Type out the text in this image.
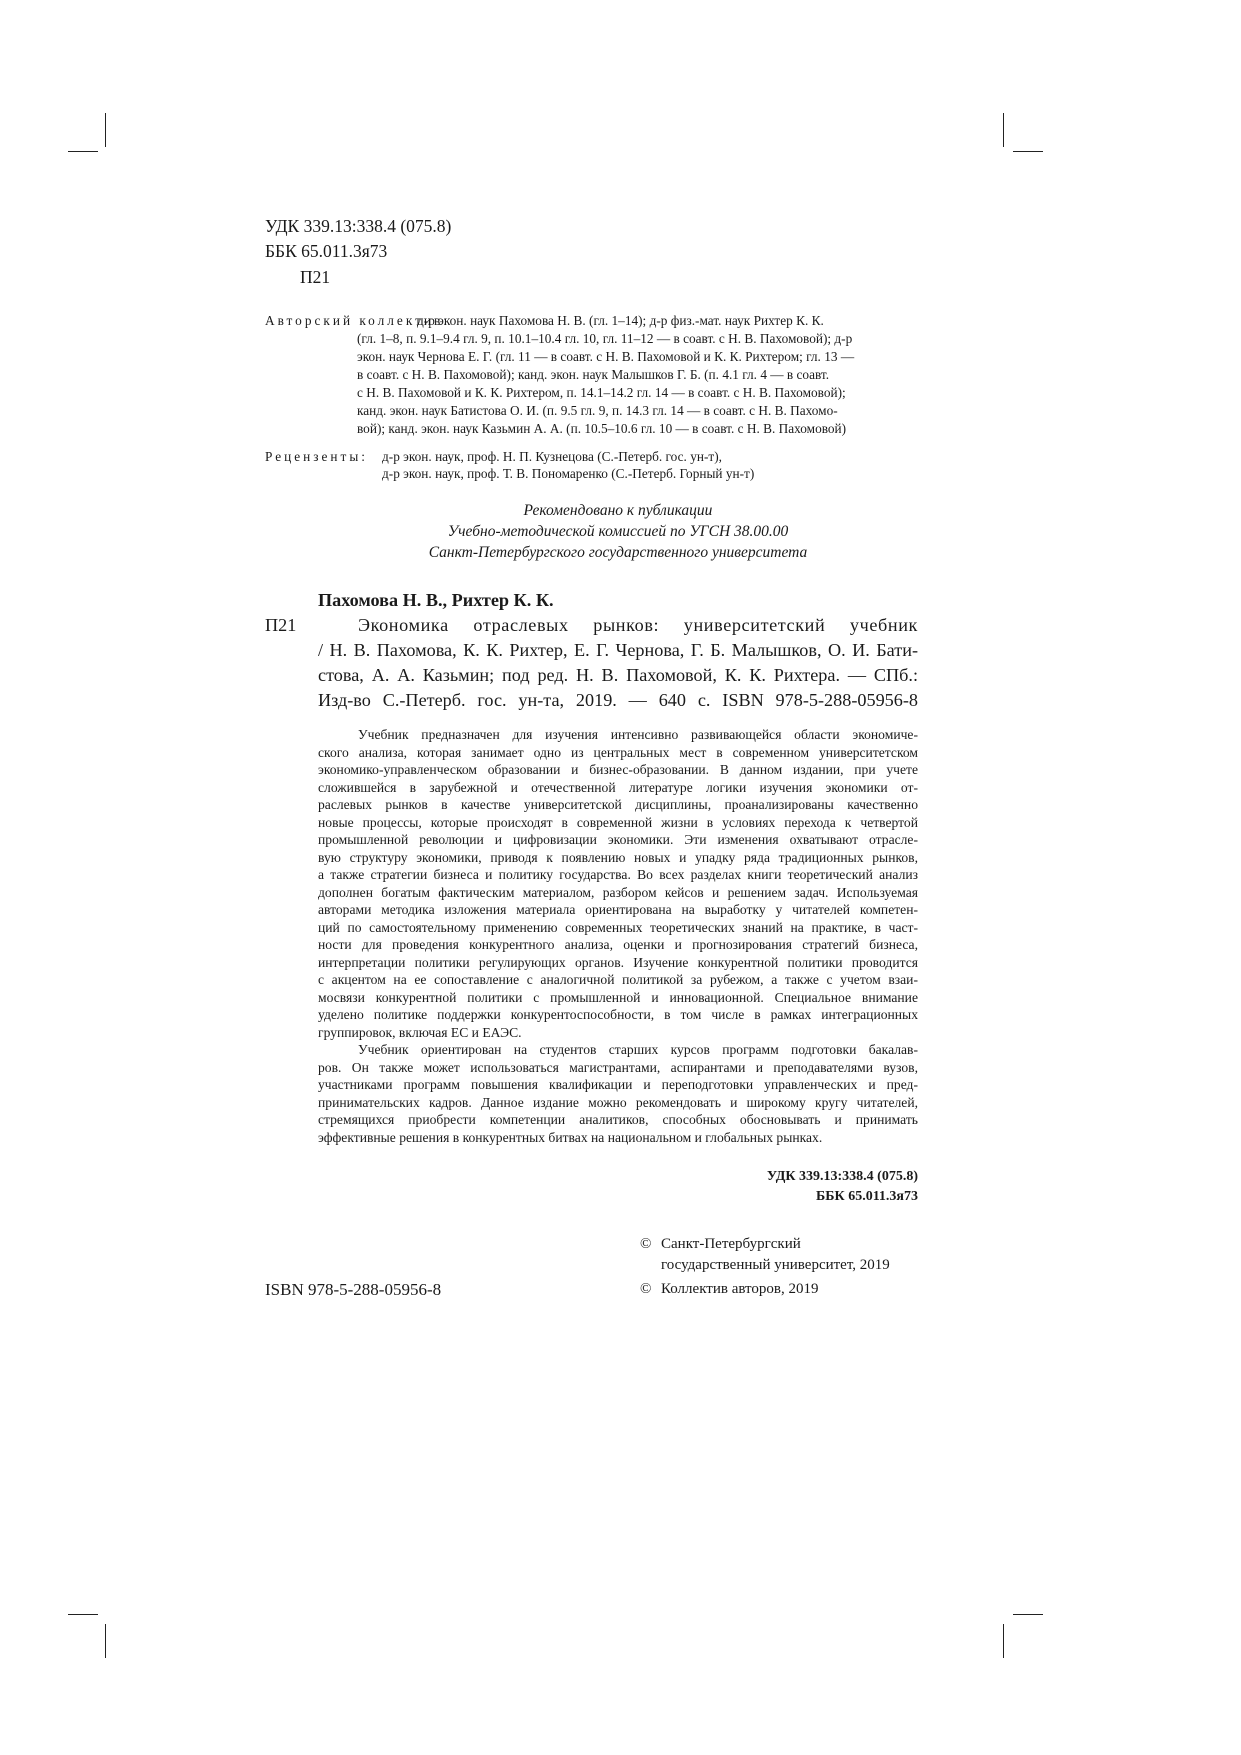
УДК 339.13:338.4 (075.8)
ББК 65.011.3я73
П21
Авторский коллектив:
д-р экон. наук Пахомова Н. В. (гл. 1–14); д-р физ.-мат. наук Рихтер К. К.
(гл. 1–8, п. 9.1–9.4 гл. 9, п. 10.1–10.4 гл. 10, гл. 11–12 — в соавт. с Н. В. Пахомовой); д-р
экон. наук Чернова Е. Г. (гл. 11 — в соавт. с Н. В. Пахомовой и К. К. Рихтером; гл. 13 —
в соавт. с Н. В. Пахомовой); канд. экон. наук Малышков Г. Б. (п. 4.1 гл. 4 — в соавт.
с Н. В. Пахомовой и К. К. Рихтером, п. 14.1–14.2 гл. 14 — в соавт. с Н. В. Пахомовой);
канд. экон. наук Батистова О. И. (п. 9.5 гл. 9, п. 14.3 гл. 14 — в соавт. с Н. В. Пахомо-
вой); канд. экон. наук Казьмин А. А. (п. 10.5–10.6 гл. 10 — в соавт. с Н. В. Пахомовой)
Рецензенты: д-р экон. наук, проф. Н. П. Кузнецова (С.-Петерб. гос. ун-т),
д-р экон. наук, проф. Т. В. Пономаренко (С.-Петерб. Горный ун-т)
Рекомендовано к публикации
Учебно-методической комиссией по УГСН 38.00.00
Санкт-Петербургского государственного университета
Пахомова Н. В., Рихтер К. К.
П21	Экономика отраслевых рынков: университетский учебник
/ Н. В. Пахомова, К. К. Рихтер, Е. Г. Чернова, Г. Б. Малышков, О. И. Бати-
стова, А. А. Казьмин; под ред. Н. В. Пахомовой, К. К. Рихтера. — СПб.:
Изд-во С.-Петерб. гос. ун-та, 2019. — 640 с. ISBN 978-5-288-05956-8
Учебник предназначен для изучения интенсивно развивающейся области экономиче-
ского анализа, которая занимает одно из центральных мест в современном университетском
экономико-управленческом образовании и бизнес-образовании. В данном издании, при учете
сложившейся в зарубежной и отечественной литературе логики изучения экономики от-
раслевых рынков в качестве университетской дисциплины, проанализированы качественно
новые процессы, которые происходят в современной жизни в условиях перехода к четвертой
промышленной революции и цифровизации экономики. Эти изменения охватывают отрасле-
вую структуру экономики, приводя к появлению новых и упадку ряда традиционных рынков,
а также стратегии бизнеса и политику государства. Во всех разделах книги теоретический анализ
дополнен богатым фактическим материалом, разбором кейсов и решением задач. Используемая
авторами методика изложения материала ориентирована на выработку у читателей компетен-
ций по самостоятельному применению современных теоретических знаний на практике, в част-
ности для проведения конкурентного анализа, оценки и прогнозирования стратегий бизнеса,
интерпретации политики регулирующих органов. Изучение конкурентной политики проводится
с акцентом на ее сопоставление с аналогичной политикой за рубежом, а также с учетом взаи-
мосвязи конкурентной политики с промышленной и инновационной. Специальное внимание
уделено политике поддержки конкурентоспособности, в том числе в рамках интеграционных
группировок, включая ЕС и ЕАЭС.
Учебник ориентирован на студентов старших курсов программ подготовки бакалав-
ров. Он также может использоваться магистрантами, аспирантами и преподавателями вузов,
участниками программ повышения квалификации и переподготовки управленческих и пред-
принимательских кадров. Данное издание можно рекомендовать и широкому кругу читателей,
стремящихся приобрести компетенции аналитиков, способных обосновывать и принимать
эффективные решения в конкурентных битвах на национальном и глобальных рынках.
УДК 339.13:338.4 (075.8)
ББК 65.011.3я73
© Санкт-Петербургский
государственный университет, 2019
© Коллектив авторов, 2019
ISBN 978-5-288-05956-8
